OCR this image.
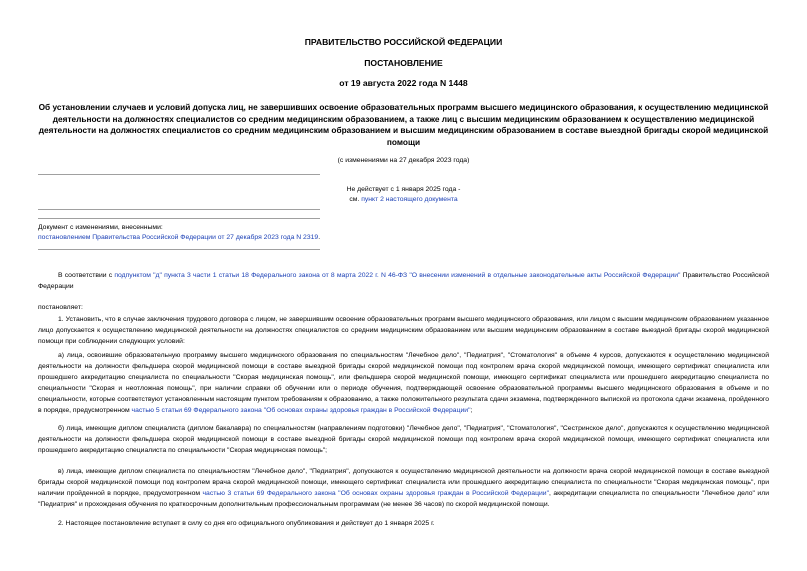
ПРАВИТЕЛЬСТВО РОССИЙСКОЙ ФЕДЕРАЦИИ
ПОСТАНОВЛЕНИЕ
от 19 августа 2022 года N 1448
Об установлении случаев и условий допуска лиц, не завершивших освоение образовательных программ высшего медицинского образования, к осуществлению медицинской деятельности на должностях специалистов со средним медицинским образованием, а также лиц с высшим медицинским образованием к осуществлению медицинской деятельности на должностях специалистов со средним медицинским образованием и высшим медицинским образованием в составе выездной бригады скорой медицинской помощи
(с изменениями на 27 декабря 2023 года)
Не действует с 1 января 2025 года -
см. пункт 2 настоящего документа
Документ с изменениями, внесенными:
постановлением Правительства Российской Федерации от 27 декабря 2023 года N 2319.
В соответствии с подпунктом "д" пункта 3 части 1 статьи 18 Федерального закона от 8 марта 2022 г. N 46-ФЗ "О внесении изменений в отдельные законодательные акты Российской Федерации" Правительство Российской Федерации
постановляет:
1. Установить, что в случае заключения трудового договора с лицом, не завершившим освоение образовательных программ высшего медицинского образования, или лицом с высшим медицинским образованием указанное лицо допускается к осуществлению медицинской деятельности на должностях специалистов со средним медицинским образованием или высшим медицинским образованием в составе выездной бригады скорой медицинской помощи при соблюдении следующих условий:
а) лица, освоившие образовательную программу высшего медицинского образования по специальностям "Лечебное дело", "Педиатрия", "Стоматология" в объеме 4 курсов, допускаются к осуществлению медицинской деятельности на должности фельдшера скорой медицинской помощи в составе выездной бригады скорой медицинской помощи под контролем врача скорой медицинской помощи, имеющего сертификат специалиста или прошедшего аккредитацию специалиста по специальности "Скорая медицинская помощь", или фельдшера скорой медицинской помощи, имеющего сертификат специалиста или прошедшего аккредитацию специалиста по специальности "Скорая и неотложная помощь", при наличии справки об обучении или о периоде обучения, подтверждающей освоение образовательной программы высшего медицинского образования в объеме и по специальности, которые соответствуют установленным настоящим пунктом требованиям к образованию, а также положительного результата сдачи экзамена, подтвержденного выпиской из протокола сдачи экзамена, пройденного в порядке, предусмотренном частью 5 статьи 69 Федерального закона "Об основах охраны здоровья граждан в Российской Федерации";
б) лица, имеющие диплом специалиста (диплом бакалавра) по специальностям (направлениям подготовки) "Лечебное дело", "Педиатрия", "Стоматология", "Сестринское дело", допускаются к осуществлению медицинской деятельности на должности фельдшера скорой медицинской помощи в составе выездной бригады скорой медицинской помощи под контролем врача скорой медицинской помощи, имеющего сертификат специалиста или прошедшего аккредитацию специалиста по специальности "Скорая медицинская помощь";
в) лица, имеющие диплом специалиста по специальностям "Лечебное дело", "Педиатрия", допускаются к осуществлению медицинской деятельности на должности врача скорой медицинской помощи в составе выездной бригады скорой медицинской помощи под контролем врача скорой медицинской помощи, имеющего сертификат специалиста или прошедшего аккредитацию специалиста по специальности "Скорая медицинская помощь", при наличии пройденной в порядке, предусмотренном частью 3 статьи 69 Федерального закона "Об основах охраны здоровья граждан в Российской Федерации", аккредитации специалиста по специальности "Лечебное дело" или "Педиатрия" и прохождения обучения по краткосрочным дополнительным профессиональным программам (не менее 36 часов) по скорой медицинской помощи.
2. Настоящее постановление вступает в силу со дня его официального опубликования и действует до 1 января 2025 г.
